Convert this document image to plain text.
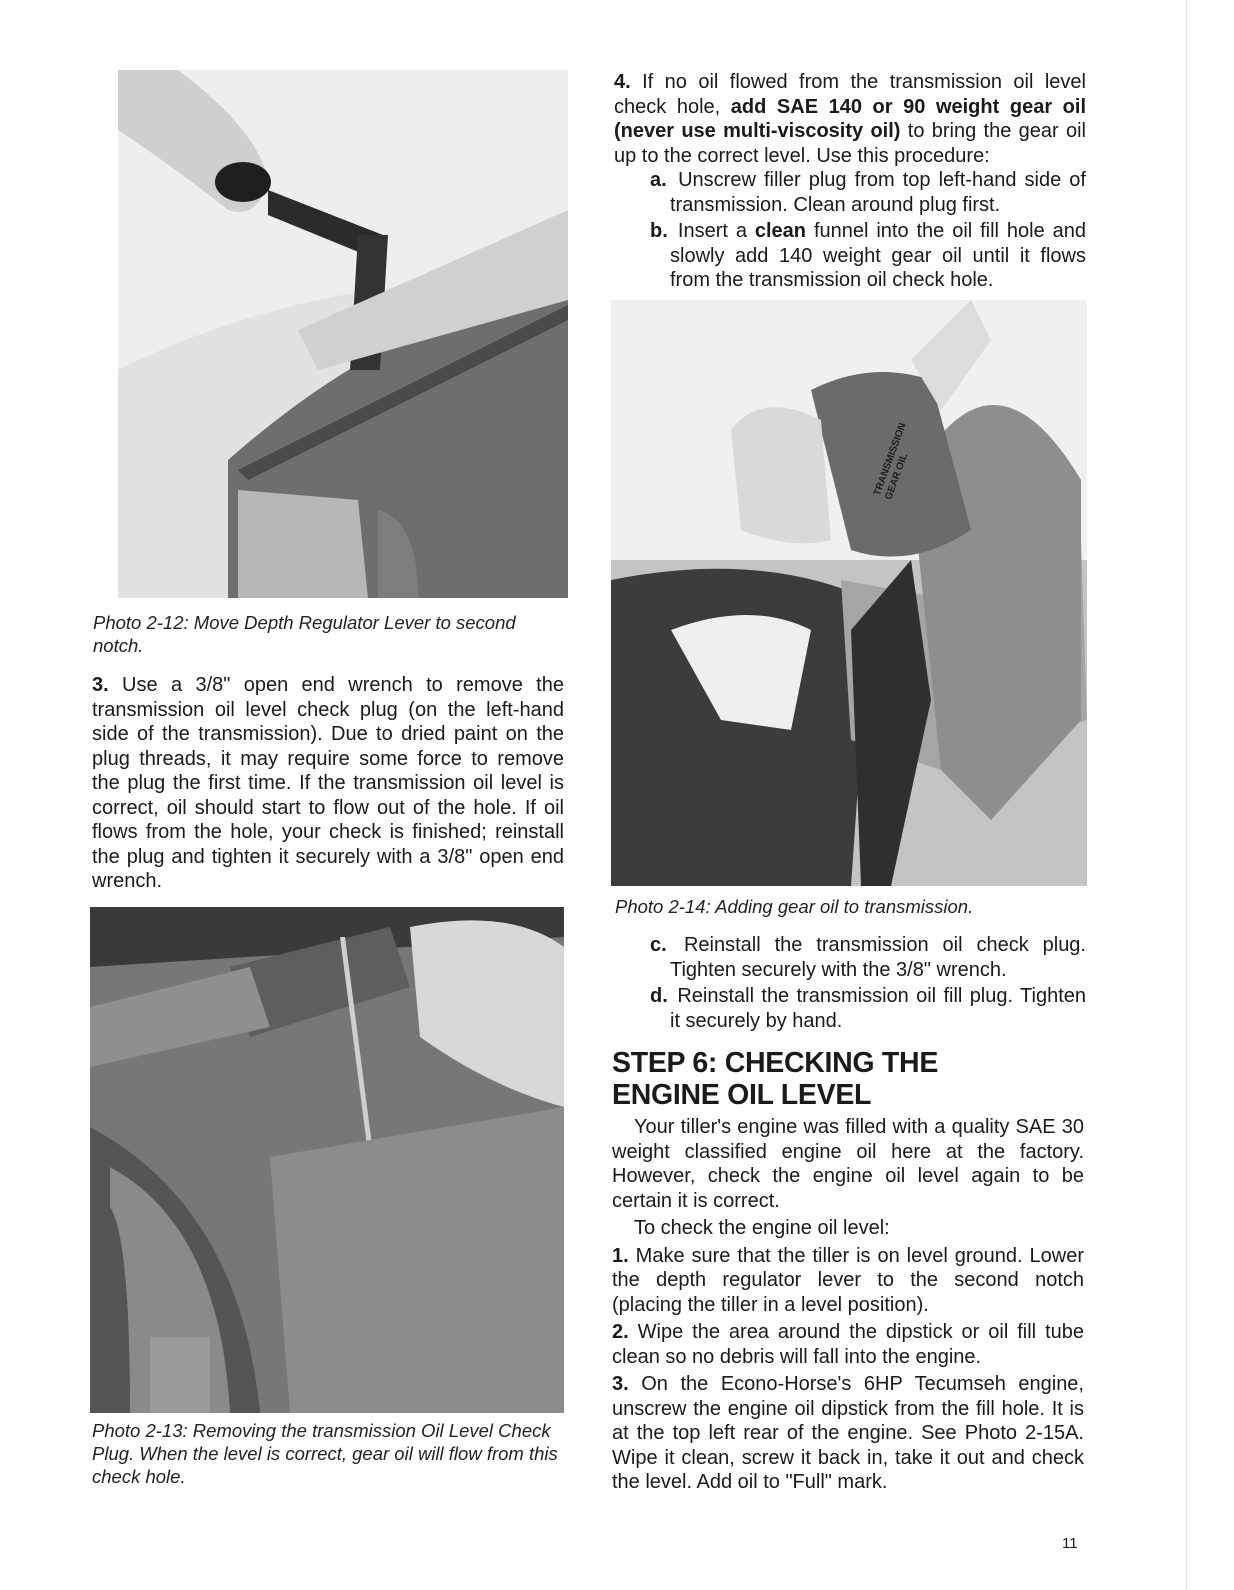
Photo 2-12: Move Depth Regulator Lever to second notch.

3. Use a 3/8" open end wrench to remove the transmission oil level check plug (on the left-hand side of the transmission). Due to dried paint on the plug threads, it may require some force to remove the plug the first time. If the transmission oil level is correct, oil should start to flow out of the hole. If oil flows from the hole, your check is finished; reinstall the plug and tighten it securely with a 3/8" open end wrench.

Photo 2-13: Removing the transmission Oil Level Check Plug. When the level is correct, gear oil will flow from this check hole.

4. If no oil flowed from the transmission oil level check hole, add SAE 140 or 90 weight gear oil (never use multi-viscosity oil) to bring the gear oil up to the correct level. Use this procedure:

a. Unscrew filler plug from top left-hand side of transmission. Clean around plug first.

b. Insert a clean funnel into the oil fill hole and slowly add 140 weight gear oil until it flows from the transmission oil check hole.

TRANSMISSION GEAR OIL
Photo 2-14: Adding gear oil to transmission.

c. Reinstall the transmission oil check plug. Tighten securely with the 3/8" wrench.

d. Reinstall the transmission oil fill plug. Tighten it securely by hand.

STEP 6: CHECKING THE
ENGINE OIL LEVEL

Your tiller's engine was filled with a quality SAE 30 weight classified engine oil here at the factory. However, check the engine oil level again to be certain it is correct.

To check the engine oil level:

1. Make sure that the tiller is on level ground. Lower the depth regulator lever to the second notch (placing the tiller in a level position).

2. Wipe the area around the dipstick or oil fill tube clean so no debris will fall into the engine.

3. On the Econo-Horse's 6HP Tecumseh engine, unscrew the engine oil dipstick from the fill hole. It is at the top left rear of the engine. See Photo 2-15A. Wipe it clean, screw it back in, take it out and check the level. Add oil to "Full" mark.

11
